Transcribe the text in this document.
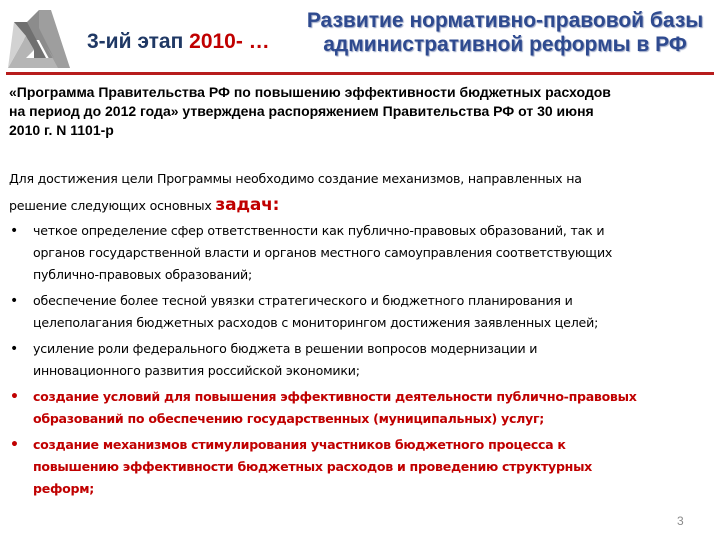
3-ий этап 2010- …
Развитие нормативно-правовой базы
административной реформы в РФ
«Программа Правительства РФ по повышению эффективности бюджетных расходов
на период до 2012 года» утверждена распоряжением Правительства РФ от 30 июня
2010 г. N 1101-р
Для достижения цели Программы необходимо создание механизмов, направленных на
решение следующих основных задач:
• четкое определение сфер ответственности как публично-правовых образований, так и
органов государственной власти и органов местного самоуправления соответствующих
публично-правовых образований;
• обеспечение более тесной увязки стратегического и бюджетного планирования и
целеполагания бюджетных расходов с мониторингом достижения заявленных целей;
• усиление роли федерального бюджета в решении вопросов модернизации и
инновационного развития российской экономики;
• создание условий для повышения эффективности деятельности публично-правовых
образований по обеспечению государственных (муниципальных) услуг;
• создание механизмов стимулирования участников бюджетного процесса к
повышению эффективности бюджетных расходов и проведению структурных
реформ;
3
